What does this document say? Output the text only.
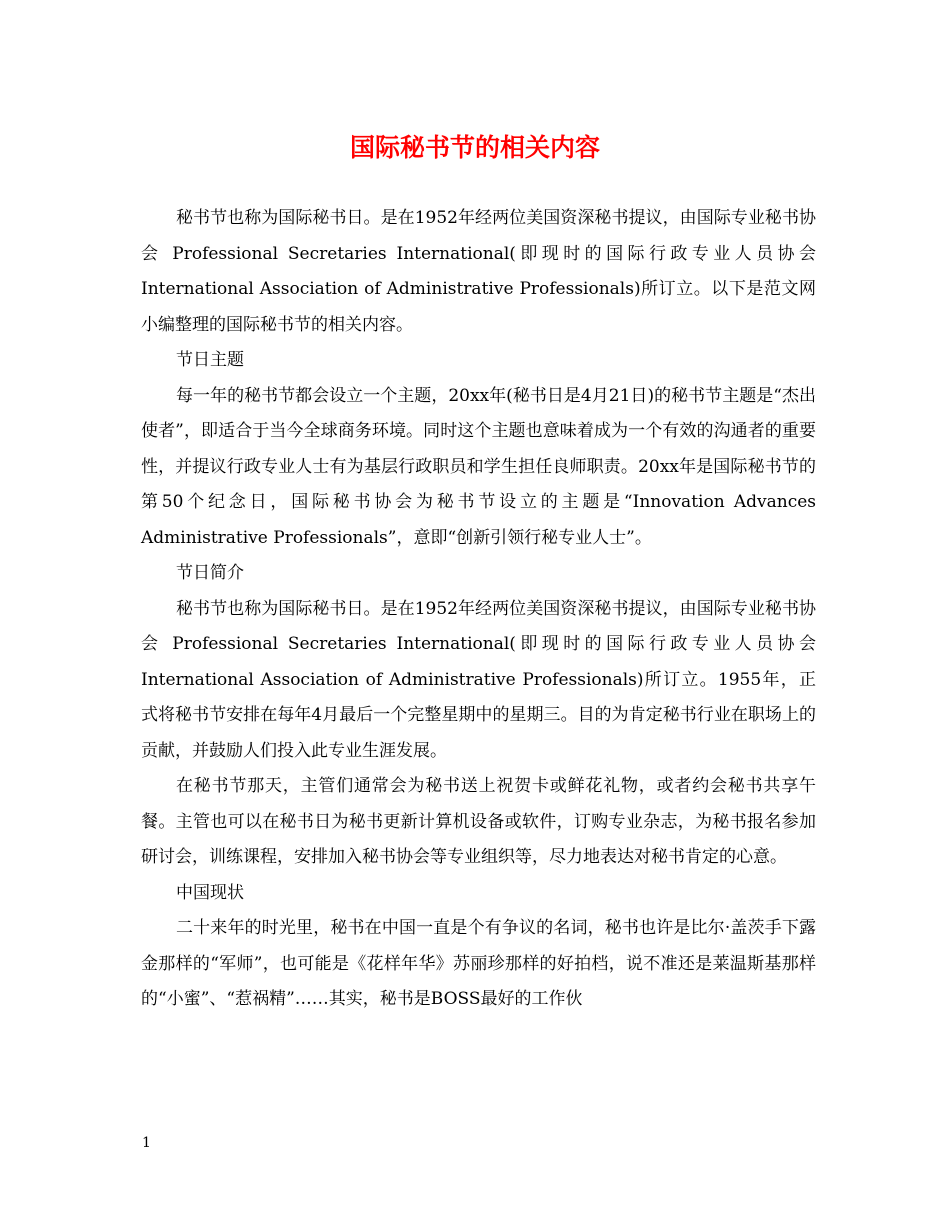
国际秘书节的相关内容

秘书节也称为国际秘书日。是在1952年经两位美国资深秘书提议，由国际专业秘书协会 Professional Secretaries International(即现时的国际行政专业人员协会 International Association of Administrative Professionals)所订立。以下是范文网小编整理的国际秘书节的相关内容。

节日主题

每一年的秘书节都会设立一个主题，20xx年(秘书日是4月21日)的秘书节主题是“杰出使者”，即适合于当今全球商务环境。同时这个主题也意味着成为一个有效的沟通者的重要性，并提议行政专业人士有为基层行政职员和学生担任良师职责。20xx年是国际秘书节的第50个纪念日，国际秘书协会为秘书节设立的主题是“Innovation Advances Administrative Professionals”，意即“创新引领行秘专业人士”。

节日简介

秘书节也称为国际秘书日。是在1952年经两位美国资深秘书提议，由国际专业秘书协会 Professional Secretaries International(即现时的国际行政专业人员协会 International Association of Administrative Professionals)所订立。1955年，正式将秘书节安排在每年4月最后一个完整星期中的星期三。目的为肯定秘书行业在职场上的贡献，并鼓励人们投入此专业生涯发展。

在秘书节那天，主管们通常会为秘书送上祝贺卡或鲜花礼物，或者约会秘书共享午餐。主管也可以在秘书日为秘书更新计算机设备或软件，订购专业杂志，为秘书报名参加研讨会，训练课程，安排加入秘书协会等专业组织等，尽力地表达对秘书肯定的心意。

中国现状

二十来年的时光里，秘书在中国一直是个有争议的名词，秘书也许是比尔·盖茨手下露金那样的“军师”，也可能是《花样年华》苏丽珍那样的好拍档，说不准还是莱温斯基那样的“小蜜”、“惹祸精”……其实，秘书是BOSS最好的工作伙

1
